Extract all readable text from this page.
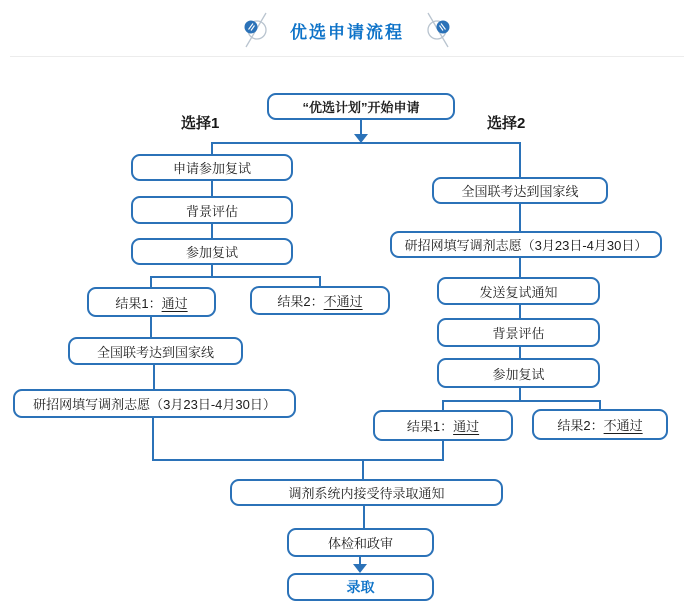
优选申请流程
选择1	选择2
“优选计划”开始申请
申请参加复试
背景评估
参加复试
结果1： 通过	结果2： 不通过
全国联考达到国家线
研招网填写调剂志愿（3月23日-4月30日）
全国联考达到国家线
研招网填写调剂志愿（3月23日-4月30日）
发送复试通知
背景评估
参加复试
结果1： 通过	结果2： 不通过
调剂系统内接受待录取通知
体检和政审
录取
